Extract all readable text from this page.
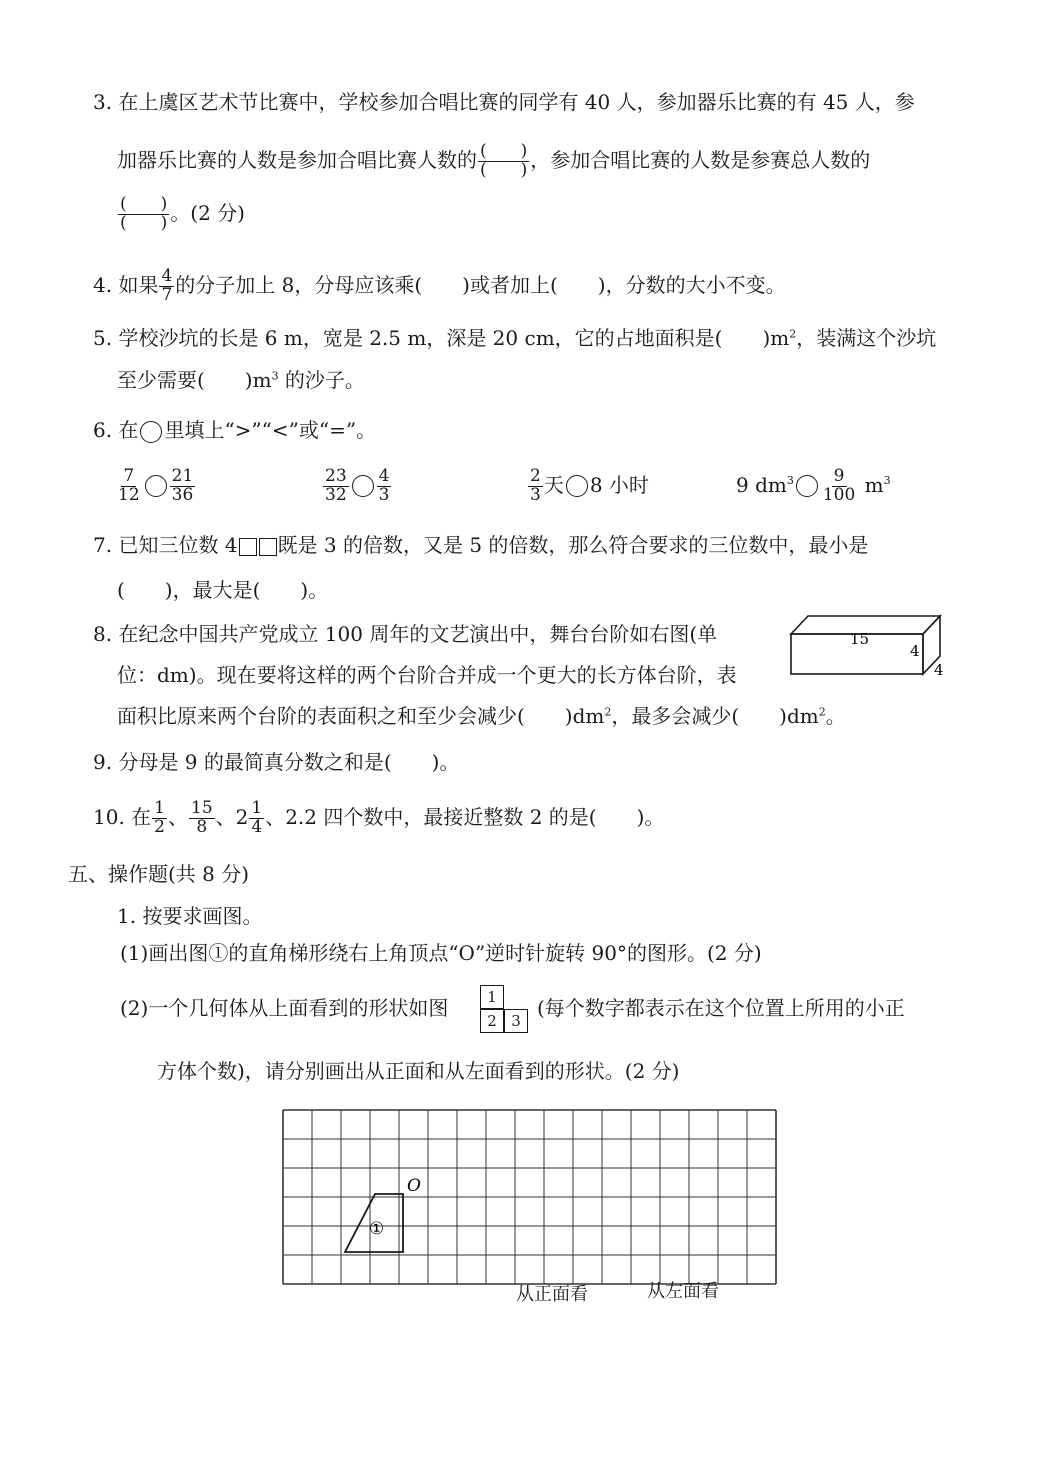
3. 在上虞区艺术节比赛中，学校参加合唱比赛的同学有 40 人，参加器乐比赛的有 45 人，参
加器乐比赛的人数是参加合唱比赛人数的 $\frac{( )}{( )}$ ，参加合唱比赛的人数是参赛总人数的
$\frac{( )}{( )}$ 。(2 分)
4. 如果 $\frac{4}{7}$ 的分子加上 8，分母应该乘(　　)或者加上(　　)，分数的大小不变。
5. 学校沙坑的长是 6 m，宽是 2.5 m，深是 20 cm，它的占地面积是(　　)$m^2$，装满这个沙坑
至少需要(　　)$m^3$ 的沙子。
6. 在 里填上“>”“<”或“=”。
$\frac{7}{12} \frac{21}{36}$	$\frac{23}{32} \frac{4}{3}$	$\frac{2}{3}$ 天 8 小时	9 $dm^3 \frac{9}{100} m^3$
7. 已知三位数 4 既是 3 的倍数，又是 5 的倍数，那么符合要求的三位数中，最小是
(　　)，最大是(　　)。
8. 在纪念中国共产党成立 100 周年的文艺演出中，舞台台阶如右图(单
位：dm)。现在要将这样的两个台阶合并成一个更大的长方体台阶，表
面积比原来两个台阶的表面积之和至少会减少(　　)$dm^2$，最多会减少(　　)$dm^2$。
15
4
4
9. 分母是 9 的最简真分数之和是(　　)。
10. 在 $\frac{1}{2}$ 、 $\frac{15}{8}$ 、$2 \frac{1}{4}$ 、2.2 四个数中，最接近整数 2 的是(　　)。
五、操作题(共 8 分)
1. 按要求画图。
(1)画出图①的直角梯形绕右上角顶点“O”逆时针旋转 90°的图形。(2 分)
(2)一个几何体从上面看到的形状如图	1
2 3
(每个数字都表示在这个位置上所用的小正
方体个数)，请分别画出从正面和从左面看到的形状。(2 分)
O
①
从正面看	从左面看
